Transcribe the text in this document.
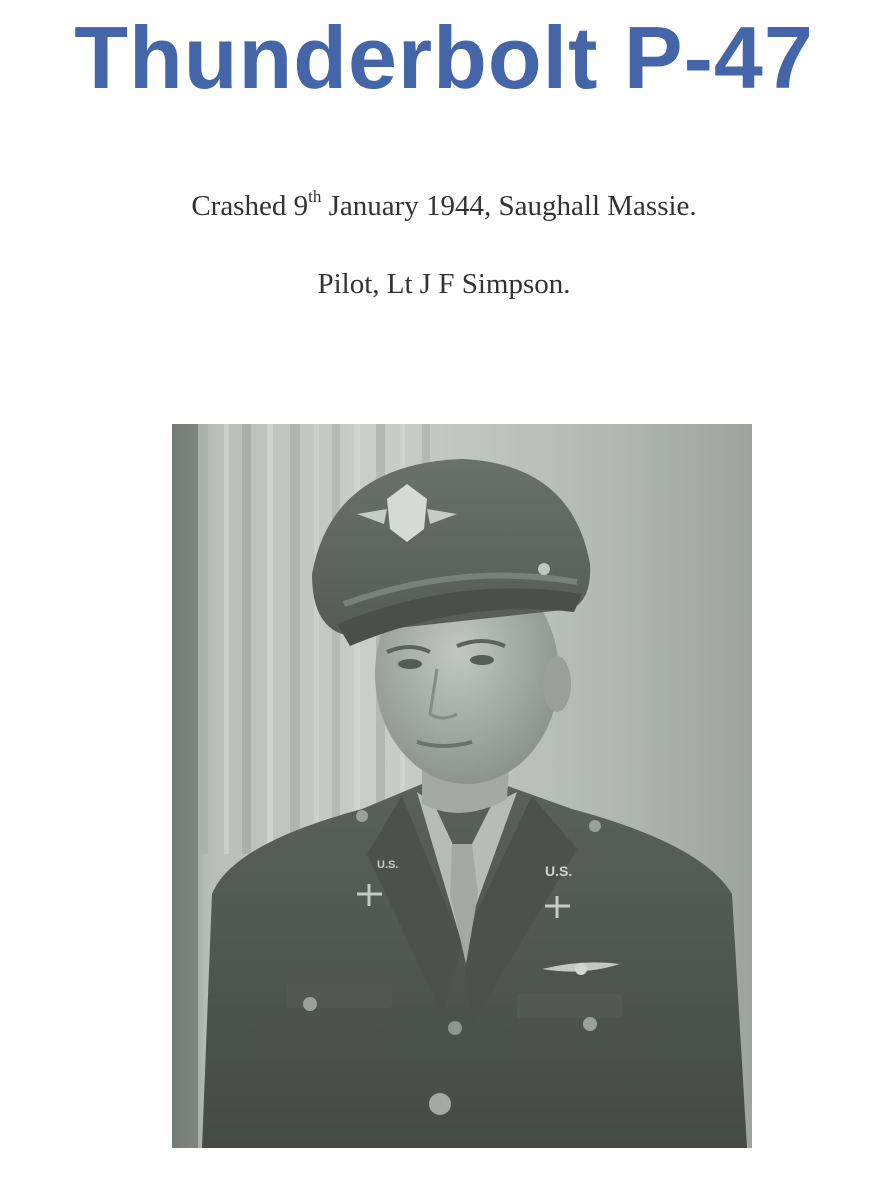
Thunderbolt P-47
Crashed 9th January 1944, Saughall Massie.
Pilot, Lt J F Simpson.
U.S.	U.S.
